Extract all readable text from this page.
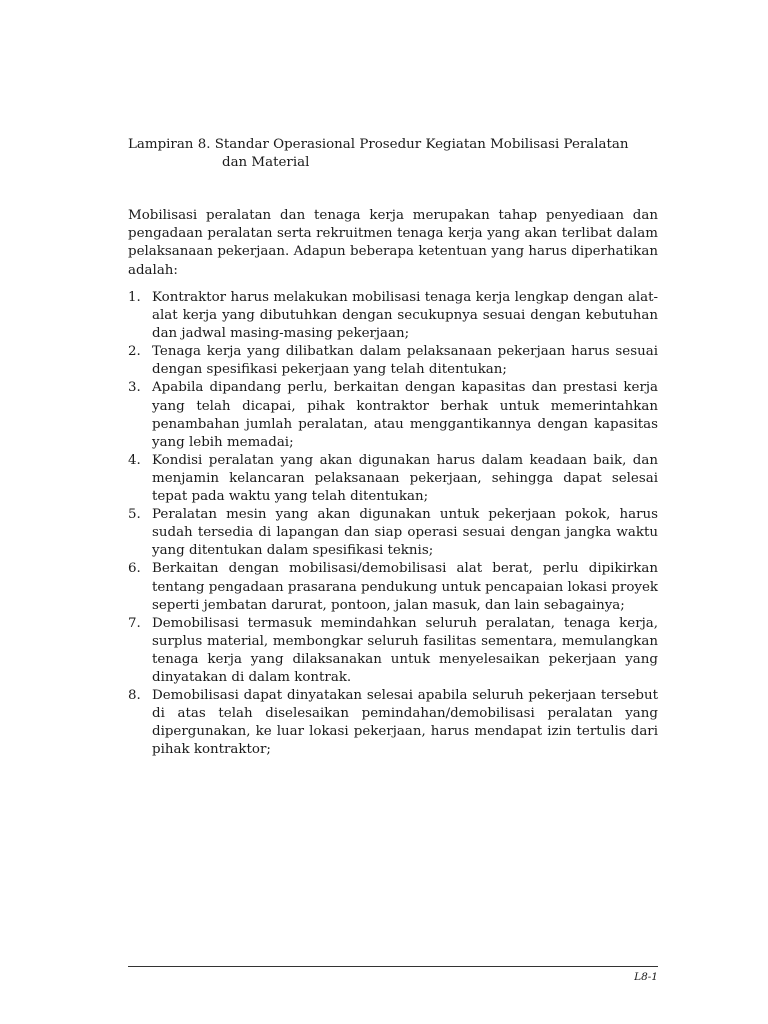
Lampiran 8. Standar Operasional Prosedur Kegiatan Mobilisasi Peralatan
dan Material

Mobilisasi peralatan dan tenaga kerja merupakan tahap penyediaan dan pengadaan peralatan serta rekruitmen tenaga kerja yang akan terlibat dalam pelaksanaan pekerjaan. Adapun beberapa ketentuan yang harus diperhatikan adalah:

1. Kontraktor harus melakukan mobilisasi tenaga kerja lengkap dengan alat-alat kerja yang dibutuhkan dengan secukupnya sesuai dengan kebutuhan dan jadwal masing-masing pekerjaan;
2. Tenaga kerja yang dilibatkan dalam pelaksanaan pekerjaan harus sesuai dengan spesifikasi pekerjaan yang telah ditentukan;
3. Apabila dipandang perlu, berkaitan dengan kapasitas dan prestasi kerja yang telah dicapai, pihak kontraktor berhak untuk memerintahkan penambahan jumlah peralatan, atau menggantikannya dengan kapasitas yang lebih memadai;
4. Kondisi peralatan yang akan digunakan harus dalam keadaan baik, dan menjamin kelancaran pelaksanaan pekerjaan, sehingga dapat selesai tepat pada waktu yang telah ditentukan;
5. Peralatan mesin yang akan digunakan untuk pekerjaan pokok, harus sudah tersedia di lapangan dan siap operasi sesuai dengan jangka waktu yang ditentukan dalam spesifikasi teknis;
6. Berkaitan dengan mobilisasi/demobilisasi alat berat, perlu dipikirkan tentang pengadaan prasarana pendukung untuk pencapaian lokasi proyek seperti jembatan darurat, pontoon, jalan masuk, dan lain sebagainya;
7. Demobilisasi termasuk memindahkan seluruh peralatan, tenaga kerja, surplus material, membongkar seluruh fasilitas sementara, memulangkan tenaga kerja yang dilaksanakan untuk menyelesaikan pekerjaan yang dinyatakan di dalam kontrak.
8. Demobilisasi dapat dinyatakan selesai apabila seluruh pekerjaan tersebut di atas telah diselesaikan pemindahan/demobilisasi peralatan yang dipergunakan, ke luar lokasi pekerjaan, harus mendapat izin tertulis dari pihak kontraktor;
L8-1
